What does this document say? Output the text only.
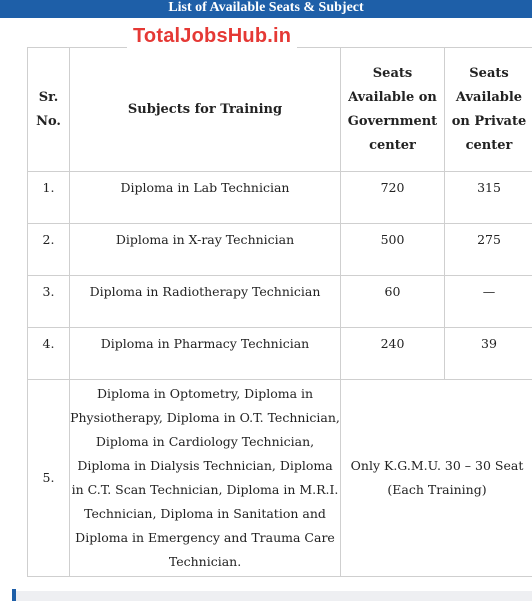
List of Available Seats & Subject
TotalJobsHub.in
Sr. No.	Subjects for Training	Seats Available on Government center	Seats Available on Private center
1.	Diploma in Lab Technician	720	315
2.	Diploma in X-ray Technician	500	275
3.	Diploma in Radiotherapy Technician	60	—
4.	Diploma in Pharmacy Technician	240	39
5.	Diploma in Optometry, Diploma in Physiotherapy, Diploma in O.T. Technician, Diploma in Cardiology Technician, Diploma in Dialysis Technician, Diploma in C.T. Scan Technician, Diploma in M.R.I. Technician, Diploma in Sanitation and Diploma in Emergency and Trauma Care Technician.	Only K.G.M.U. 30 – 30 Seat (Each Training)	
